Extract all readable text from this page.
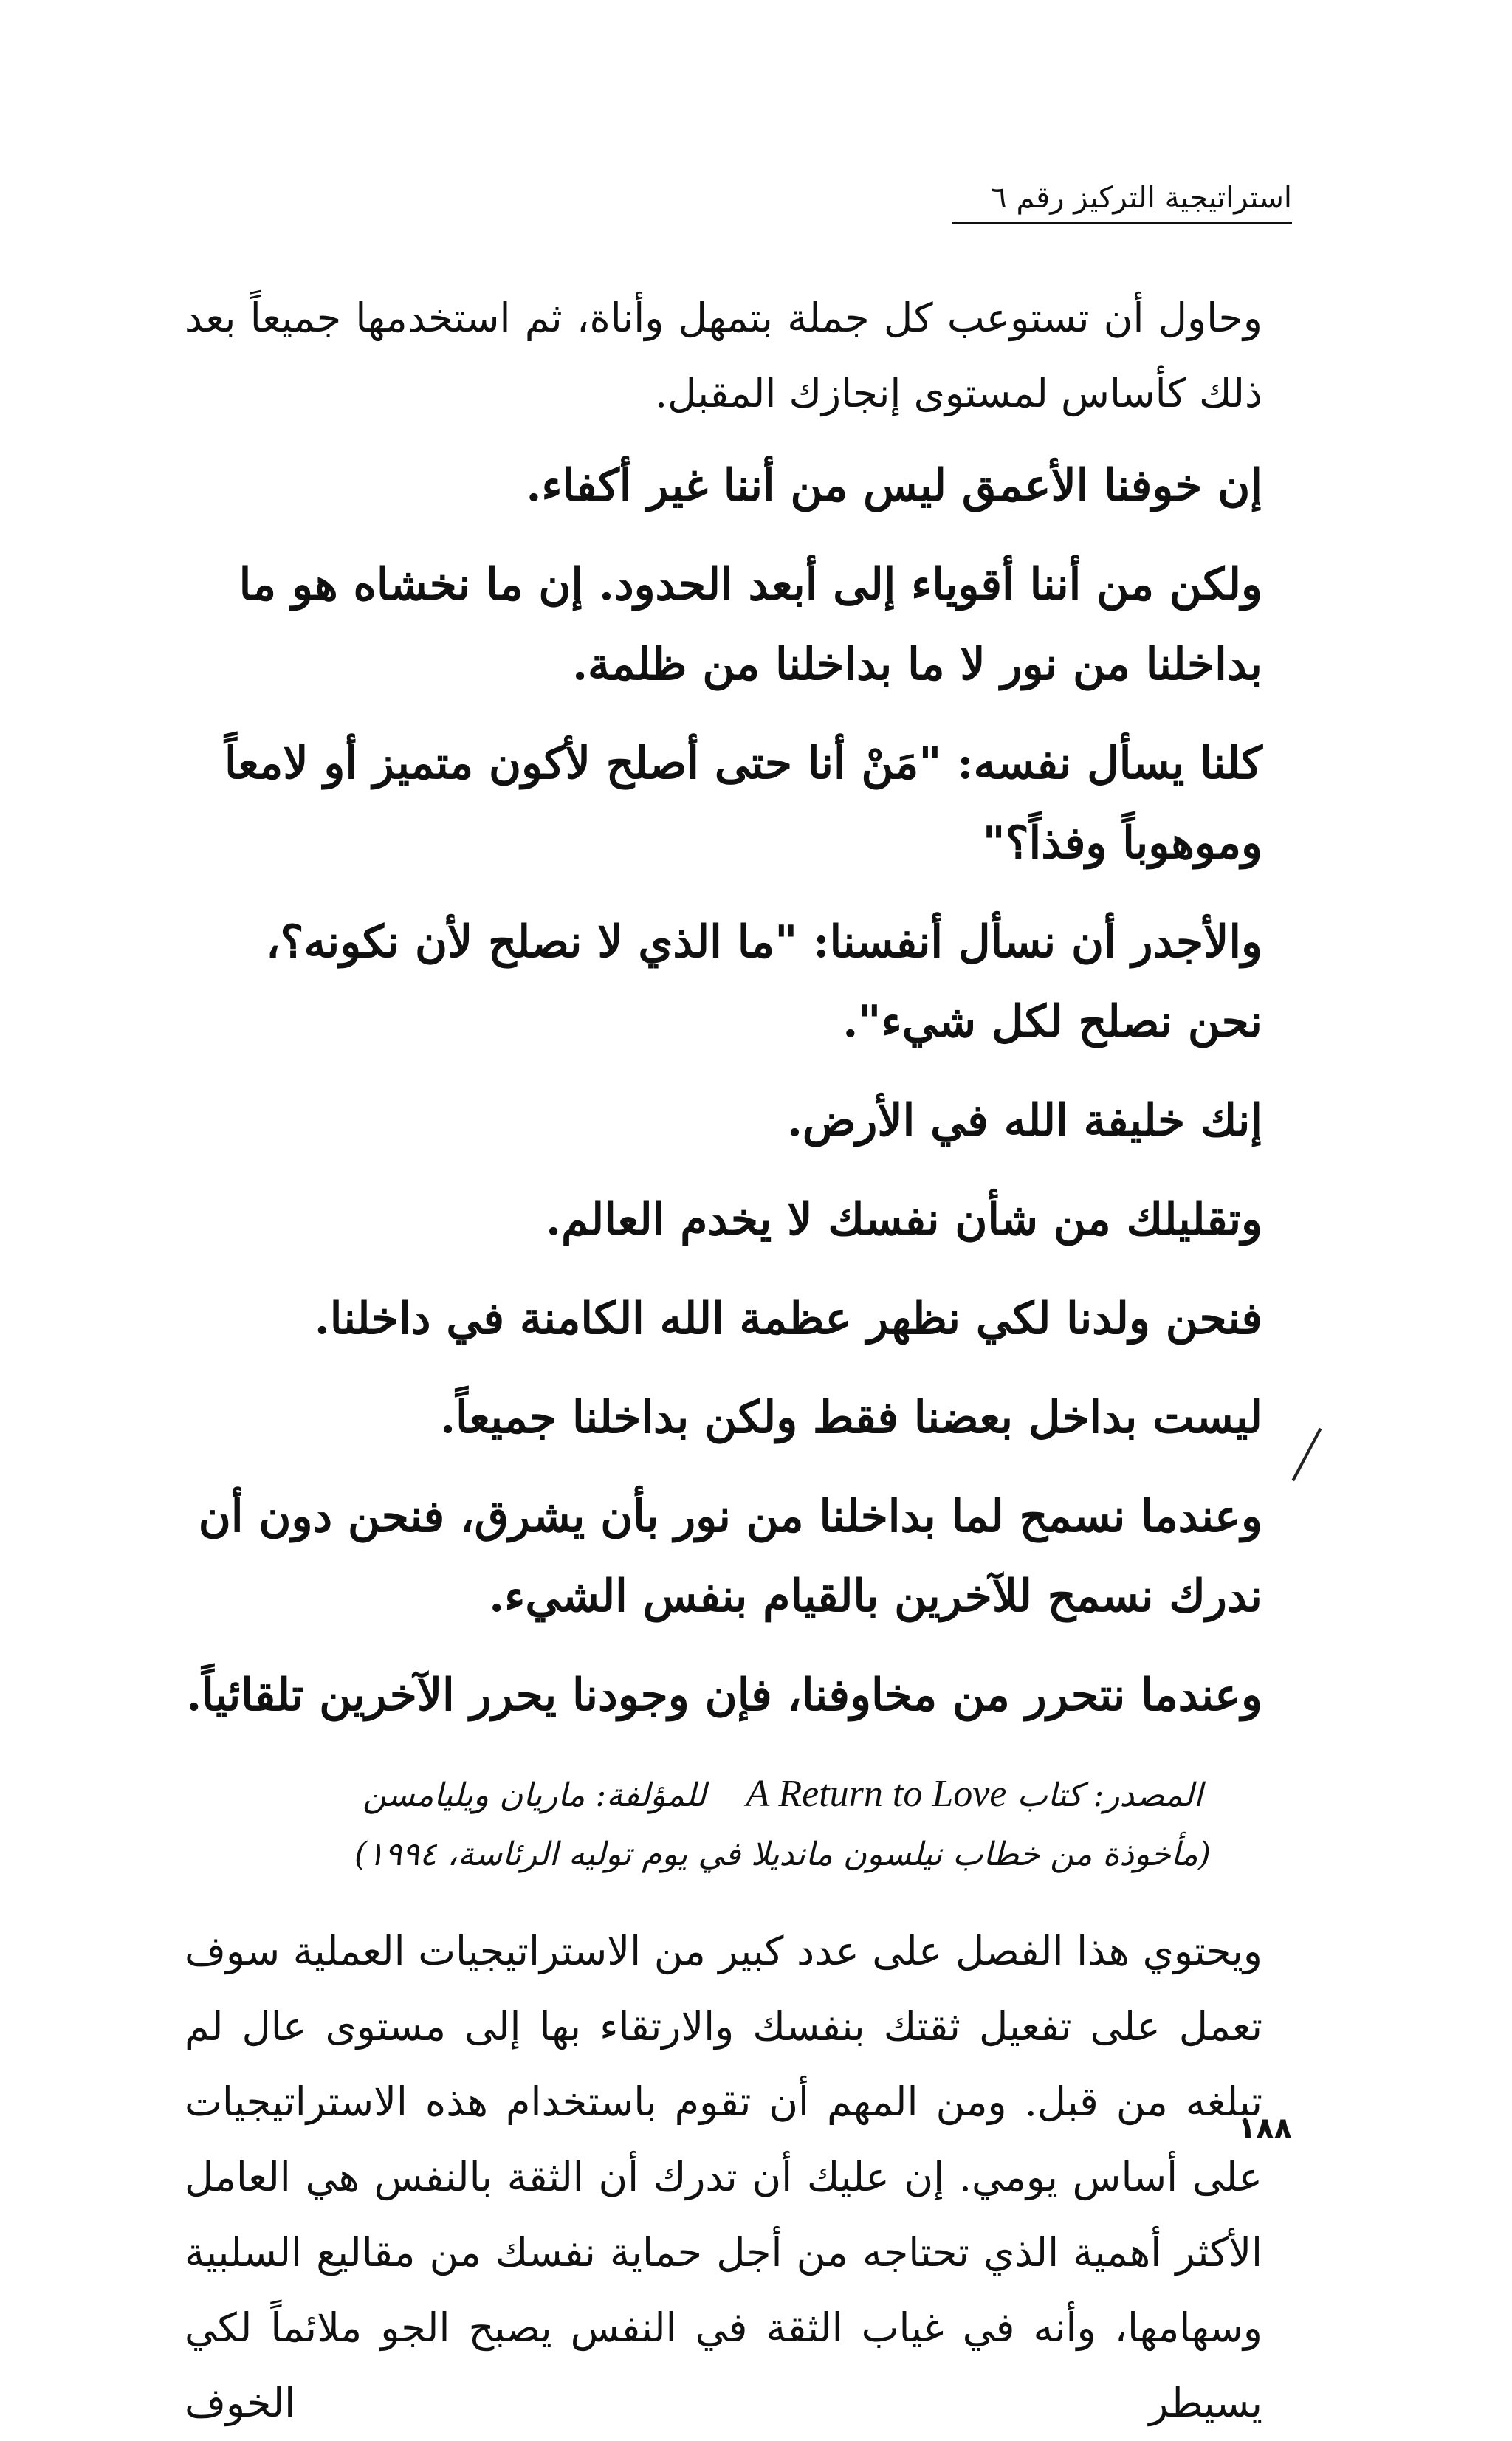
استراتيجية التركيز رقم ٦

وحاول أن تستوعب كل جملة بتمهل وأناة، ثم استخدمها جميعاً بعد ذلك كأساس لمستوى إنجازك المقبل.

إن خوفنا الأعمق ليس من أننا غير أكفاء.

ولكن من أننا أقوياء إلى أبعد الحدود. إن ما نخشاه هو ما بداخلنا من نور لا ما بداخلنا من ظلمة.

كلنا يسأل نفسه: "مَنْ أنا حتى أصلح لأكون متميز أو لامعاً وموهوباً وفذاً؟"

والأجدر أن نسأل أنفسنا: "ما الذي لا نصلح لأن نكونه؟، نحن نصلح لكل شيء".

إنك خليفة الله في الأرض.

وتقليلك من شأن نفسك لا يخدم العالم.

فنحن ولدنا لكي نظهر عظمة الله الكامنة في داخلنا.

ليست بداخل بعضنا فقط ولكن بداخلنا جميعاً.

وعندما نسمح لما بداخلنا من نور بأن يشرق، فنحن دون أن ندرك نسمح للآخرين بالقيام بنفس الشيء.

وعندما نتحرر من مخاوفنا، فإن وجودنا يحرر الآخرين تلقائياً.

المصدر: كتاب A Return to Love للمؤلفة: ماريان ويليامسن
(مأخوذة من خطاب نيلسون مانديلا في يوم توليه الرئاسة، ١٩٩٤)

ويحتوي هذا الفصل على عدد كبير من الاستراتيجيات العملية سوف تعمل على تفعيل ثقتك بنفسك والارتقاء بها إلى مستوى عال لم تبلغه من قبل. ومن المهم أن تقوم باستخدام هذه الاستراتيجيات على أساس يومي. إن عليك أن تدرك أن الثقة بالنفس هي العامل الأكثر أهمية الذي تحتاجه من أجل حماية نفسك من مقاليع السلبية وسهامها، وأنه في غياب الثقة في النفس يصبح الجو ملائماً لكي يسيطر الخوف

١٨٨
